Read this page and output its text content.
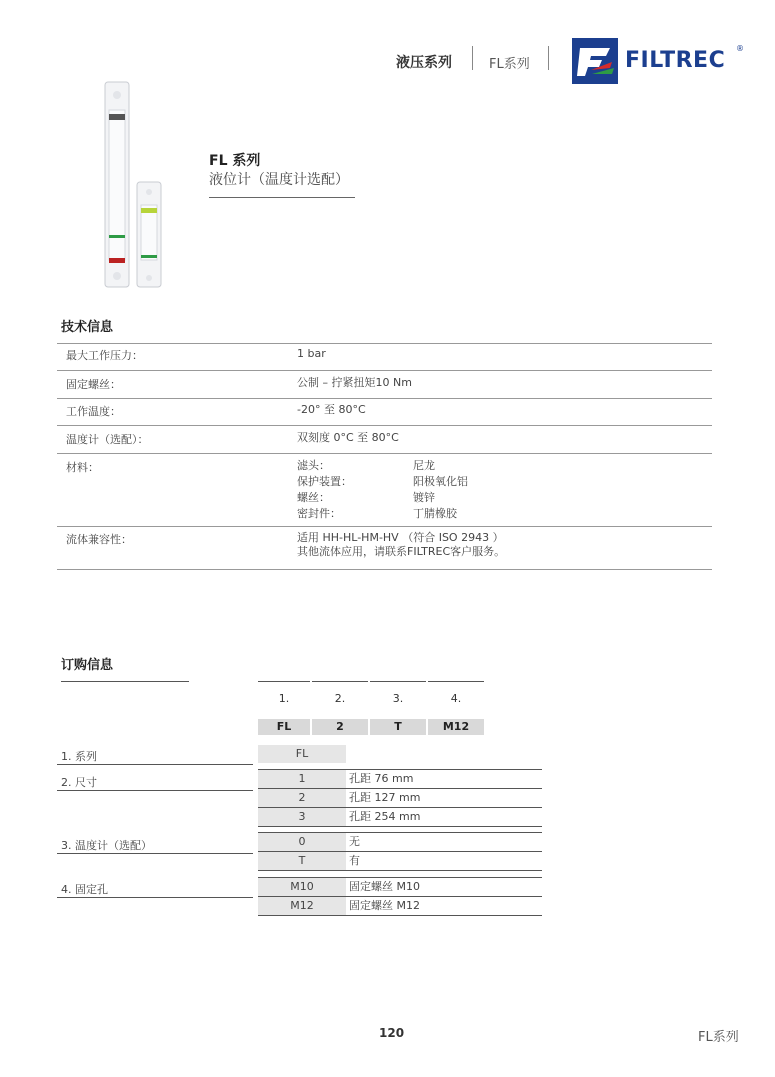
液压系列	FL系列	FILTREC ®
FL 系列
液位计（温度计选配）
技术信息
最大工作压力：	1 bar
固定螺丝：	公制 – 拧紧扭矩10 Nm
工作温度：	-20° 至 80°C
温度计（选配）：	双刻度 0°C 至 80°C
材料：	滤头：	尼龙
保护装置：	阳极氧化铝
螺丝：	镀锌
密封件：	丁腈橡胶
流体兼容性：	适用 HH-HL-HM-HV （符合 ISO 2943 ）
其他流体应用，请联系FILTREC客户服务。
订购信息
1.	2.	3.	4.
FL	2	T	M12
1. 系列	FL
2. 尺寸	1	孔距 76 mm
2	孔距 127 mm
3	孔距 254 mm
3. 温度计（选配）	0	无
T	有
4. 固定孔	M10	固定螺丝 M10
M12	固定螺丝 M12
120	FL系列
